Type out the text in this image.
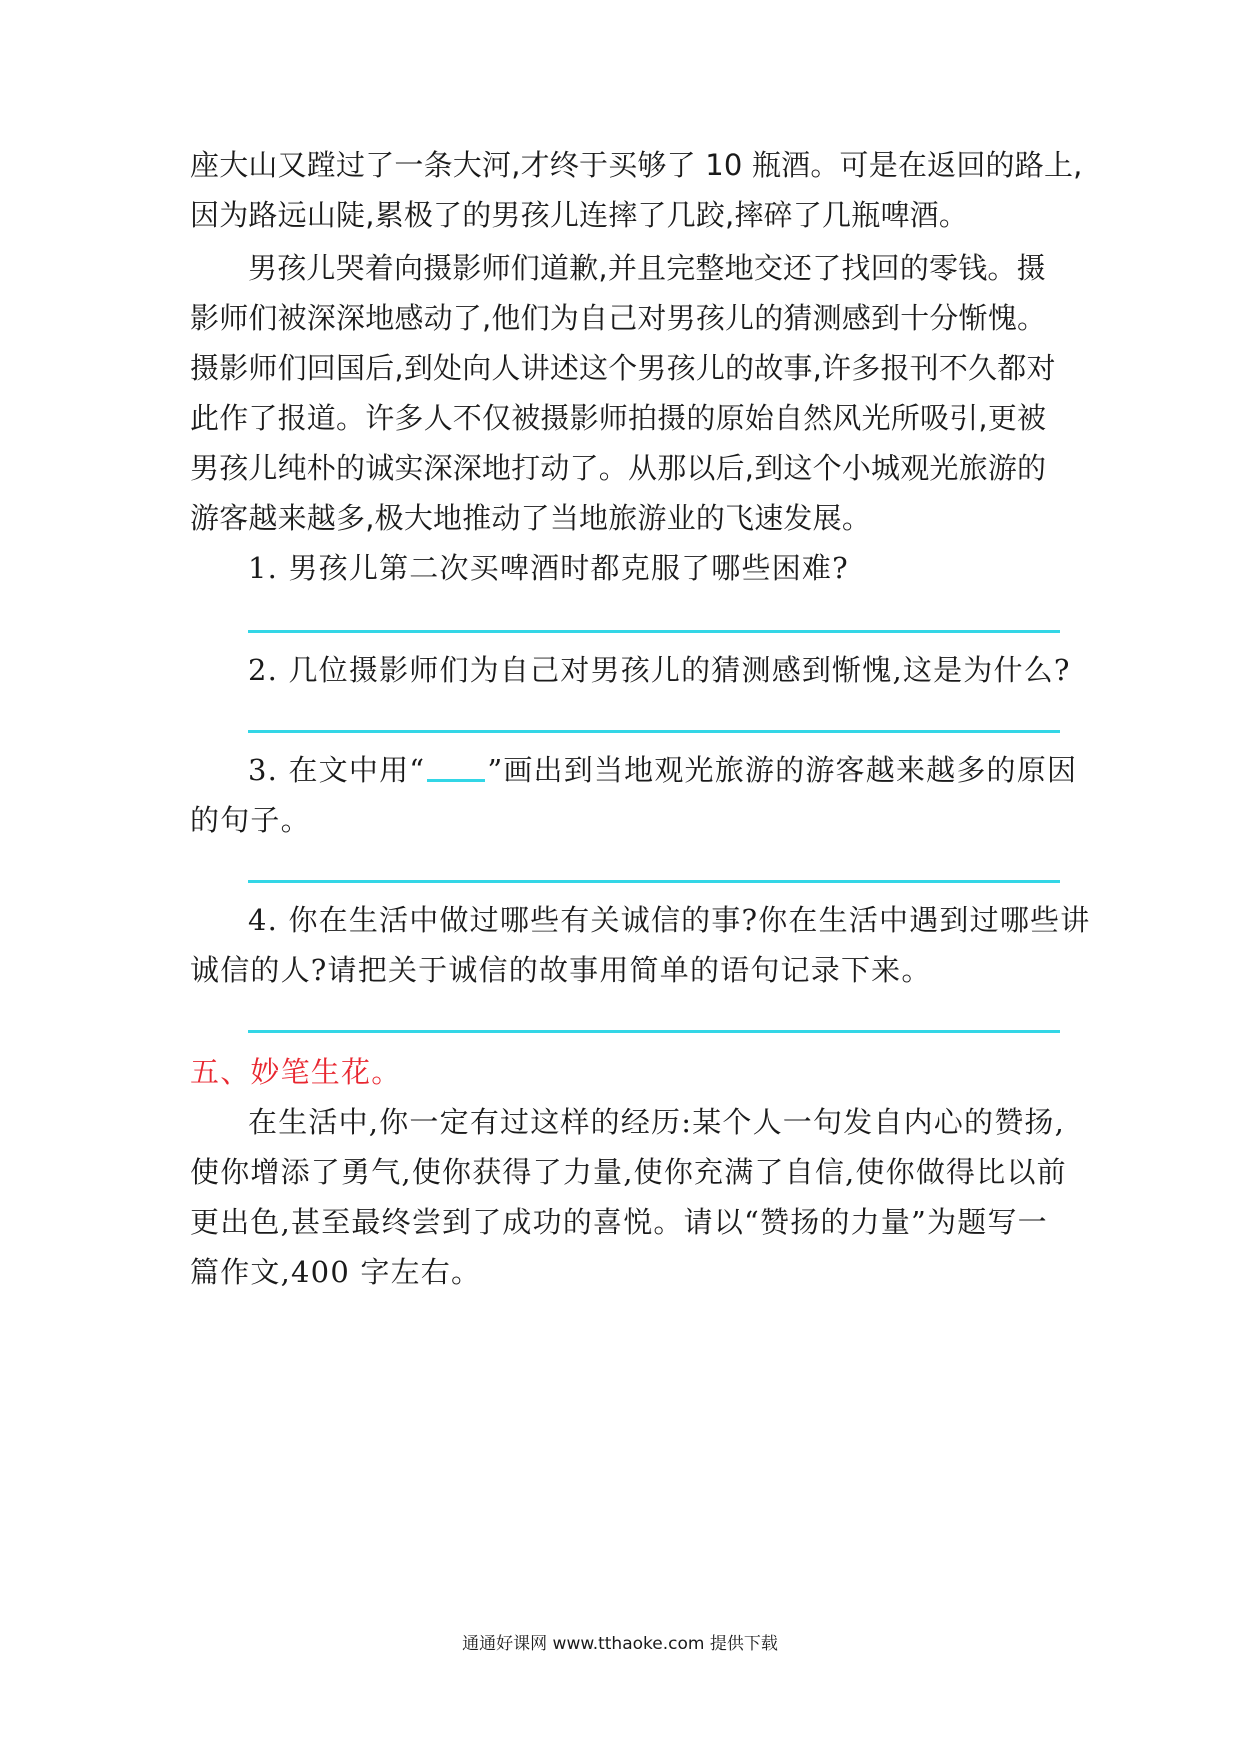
座大山又蹚过了一条大河,才终于买够了 10 瓶酒。可是在返回的路上,
因为路远山陡,累极了的男孩儿连摔了几跤,摔碎了几瓶啤酒。
男孩儿哭着向摄影师们道歉,并且完整地交还了找回的零钱。摄
影师们被深深地感动了,他们为自己对男孩儿的猜测感到十分惭愧。
摄影师们回国后,到处向人讲述这个男孩儿的故事,许多报刊不久都对
此作了报道。许多人不仅被摄影师拍摄的原始自然风光所吸引,更被
男孩儿纯朴的诚实深深地打动了。从那以后,到这个小城观光旅游的
游客越来越多,极大地推动了当地旅游业的飞速发展。
1. 男孩儿第二次买啤酒时都克服了哪些困难?
2. 几位摄影师们为自己对男孩儿的猜测感到惭愧,这是为什么?
3. 在文中用“ ”画出到当地观光旅游的游客越来越多的原因
的句子。
4. 你在生活中做过哪些有关诚信的事?你在生活中遇到过哪些讲
诚信的人?请把关于诚信的故事用简单的语句记录下来。
五、妙笔生花。
在生活中,你一定有过这样的经历:某个人一句发自内心的赞扬,
使你增添了勇气,使你获得了力量,使你充满了自信,使你做得比以前
更出色,甚至最终尝到了成功的喜悦。请以“赞扬的力量”为题写一
篇作文,400 字左右。
通通好课网 www.tthaoke.com 提供下载
